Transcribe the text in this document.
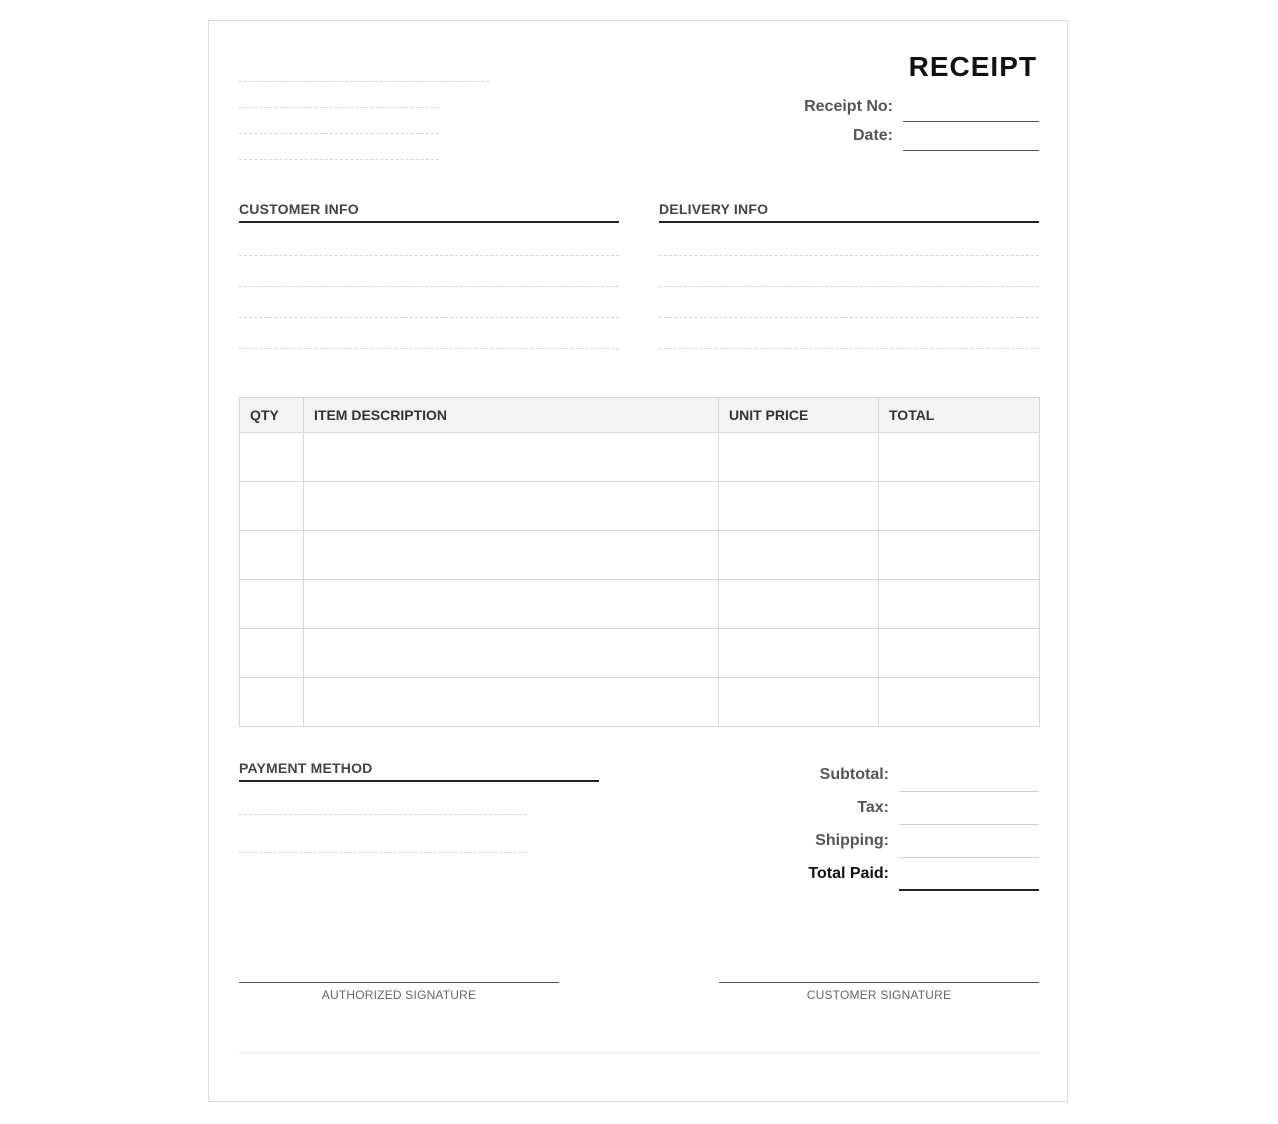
RECEIPT
Receipt No:
Date:
CUSTOMER INFO	DELIVERY INFO
QTY	ITEM DESCRIPTION	UNIT PRICE	TOTAL

PAYMENT METHOD	Subtotal:
Tax:
Shipping:
Total Paid:
AUTHORIZED SIGNATURE	CUSTOMER SIGNATURE
